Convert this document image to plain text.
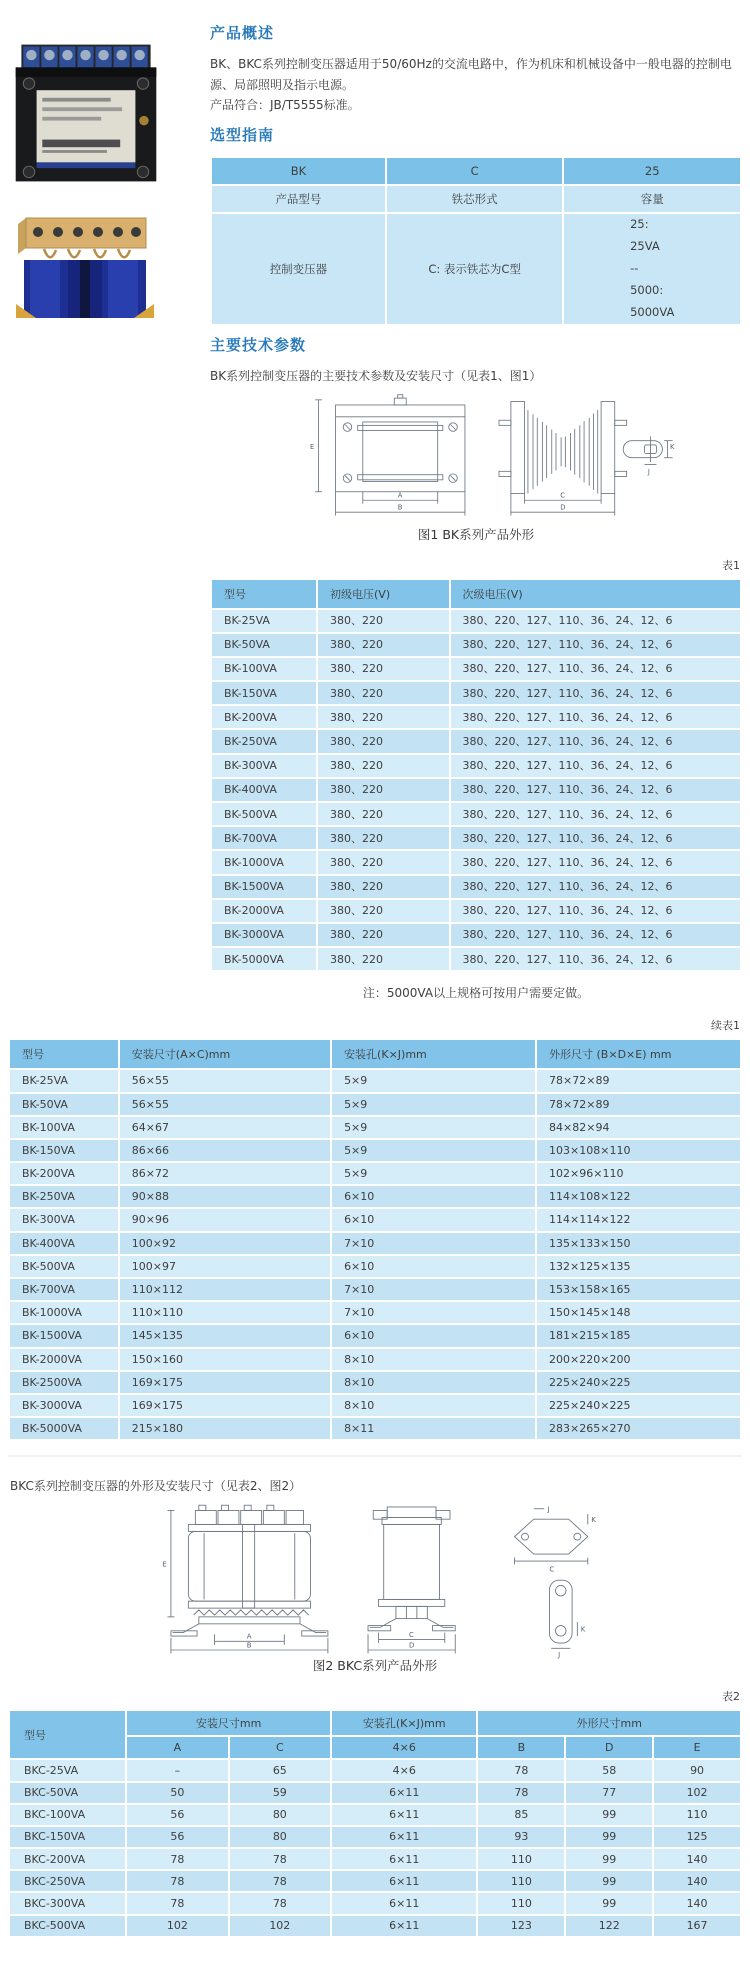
产品概述

BK、BKC系列控制变压器适用于50/60Hz的交流电路中，作为机床和机械设备中一般电器的控制电源、局部照明及指示电源。

产品符合：JB/T5555标准。

选型指南
BK	C	25
产品型号	铁芯形式	容量
控制变压器	C: 表示铁芯为C型	25:
25VA
--
5000:
5000VA
主要技术参数

BK系列控制变压器的主要技术参数及安装尺寸（见表1、图1）

E
A
B
C
D
K
J
图1 BK系列产品外形
表1
型号	初级电压(V)	次级电压(V)
BK-25VA	380、220	380、220、127、110、36、24、12、6
BK-50VA	380、220	380、220、127、110、36、24、12、6
BK-100VA	380、220	380、220、127、110、36、24、12、6
BK-150VA	380、220	380、220、127、110、36、24、12、6
BK-200VA	380、220	380、220、127、110、36、24、12、6
BK-250VA	380、220	380、220、127、110、36、24、12、6
BK-300VA	380、220	380、220、127、110、36、24、12、6
BK-400VA	380、220	380、220、127、110、36、24、12、6
BK-500VA	380、220	380、220、127、110、36、24、12、6
BK-700VA	380、220	380、220、127、110、36、24、12、6
BK-1000VA	380、220	380、220、127、110、36、24、12、6
BK-1500VA	380、220	380、220、127、110、36、24、12、6
BK-2000VA	380、220	380、220、127、110、36、24、12、6
BK-3000VA	380、220	380、220、127、110、36、24、12、6
BK-5000VA	380、220	380、220、127、110、36、24、12、6

注：5000VA以上规格可按用户需要定做。

续表1
型号	安装尺寸(A×C)mm	安装孔(K×J)mm	外形尺寸 (B×D×E) mm
BK-25VA	56×55	5×9	78×72×89
BK-50VA	56×55	5×9	78×72×89
BK-100VA	64×67	5×9	84×82×94
BK-150VA	86×66	5×9	103×108×110
BK-200VA	86×72	5×9	102×96×110
BK-250VA	90×88	6×10	114×108×122
BK-300VA	90×96	6×10	114×114×122
BK-400VA	100×92	7×10	135×133×150
BK-500VA	100×97	6×10	132×125×135
BK-700VA	110×112	7×10	153×158×165
BK-1000VA	110×110	7×10	150×145×148
BK-1500VA	145×135	6×10	181×215×185
BK-2000VA	150×160	8×10	200×220×200
BK-2500VA	169×175	8×10	225×240×225
BK-3000VA	169×175	8×10	225×240×225
BK-5000VA	215×180	8×11	283×265×270

BKC系列控制变压器的外形及安装尺寸（见表2、图2）

E
A
B
C
D
J
K
C
K
J
图2 BKC系列产品外形
表2
型号	安装尺寸mm		安装孔(K×J)mm	外形尺寸mm		
	A	C	4×6	B	D	E
BKC-25VA	–	65	4×6	78	58	90
BKC-50VA	50	59	6×11	78	77	102
BKC-100VA	56	80	6×11	85	99	110
BKC-150VA	56	80	6×11	93	99	125
BKC-200VA	78	78	6×11	110	99	140
BKC-250VA	78	78	6×11	110	99	140
BKC-300VA	78	78	6×11	110	99	140
BKC-500VA	102	102	6×11	123	122	167
